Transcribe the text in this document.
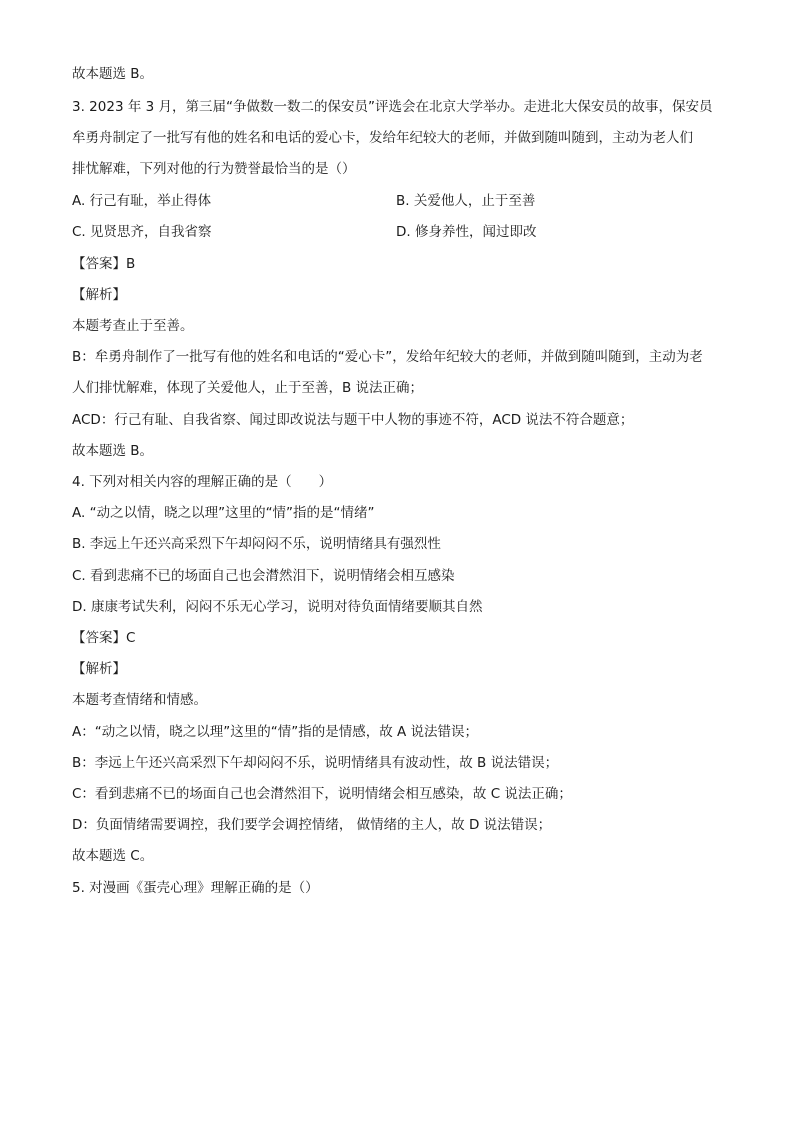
故本题选 B。
3. 2023 年 3 月，第三届“争做数一数二的保安员”评选会在北京大学举办。走进北大保安员的故事，保安员
牟勇舟制定了一批写有他的姓名和电话的爱心卡，发给年纪较大的老师，并做到随叫随到，主动为老人们
排忧解难，下列对他的行为赞誉最恰当的是（）
A. 行己有耻，举止得体	B. 关爱他人，止于至善
C. 见贤思齐，自我省察	D. 修身养性，闻过即改
【答案】B
【解析】
本题考查止于至善。
B：牟勇舟制作了一批写有他的姓名和电话的“爱心卡”，发给年纪较大的老师，并做到随叫随到，主动为老
人们排忧解难，体现了关爱他人，止于至善，B 说法正确；
ACD：行己有耻、自我省察、闻过即改说法与题干中人物的事迹不符，ACD 说法不符合题意；
故本题选 B。
4. 下列对相关内容的理解正确的是（　　）
A. “动之以情，晓之以理”这里的“情”指的是“情绪”
B. 李远上午还兴高采烈下午却闷闷不乐，说明情绪具有强烈性
C. 看到悲痛不已的场面自己也会潸然泪下，说明情绪会相互感染
D. 康康考试失利，闷闷不乐无心学习，说明对待负面情绪要顺其自然
【答案】C
【解析】
本题考查情绪和情感。
A：“动之以情，晓之以理”这里的“情”指的是情感，故 A 说法错误；
B：李远上午还兴高采烈下午却闷闷不乐，说明情绪具有波动性，故 B 说法错误；
C：看到悲痛不已的场面自己也会潸然泪下，说明情绪会相互感染，故 C 说法正确；
D：负面情绪需要调控，我们要学会调控情绪， 做情绪的主人，故 D 说法错误；
故本题选 C。
5. 对漫画《蛋壳心理》理解正确的是（）
